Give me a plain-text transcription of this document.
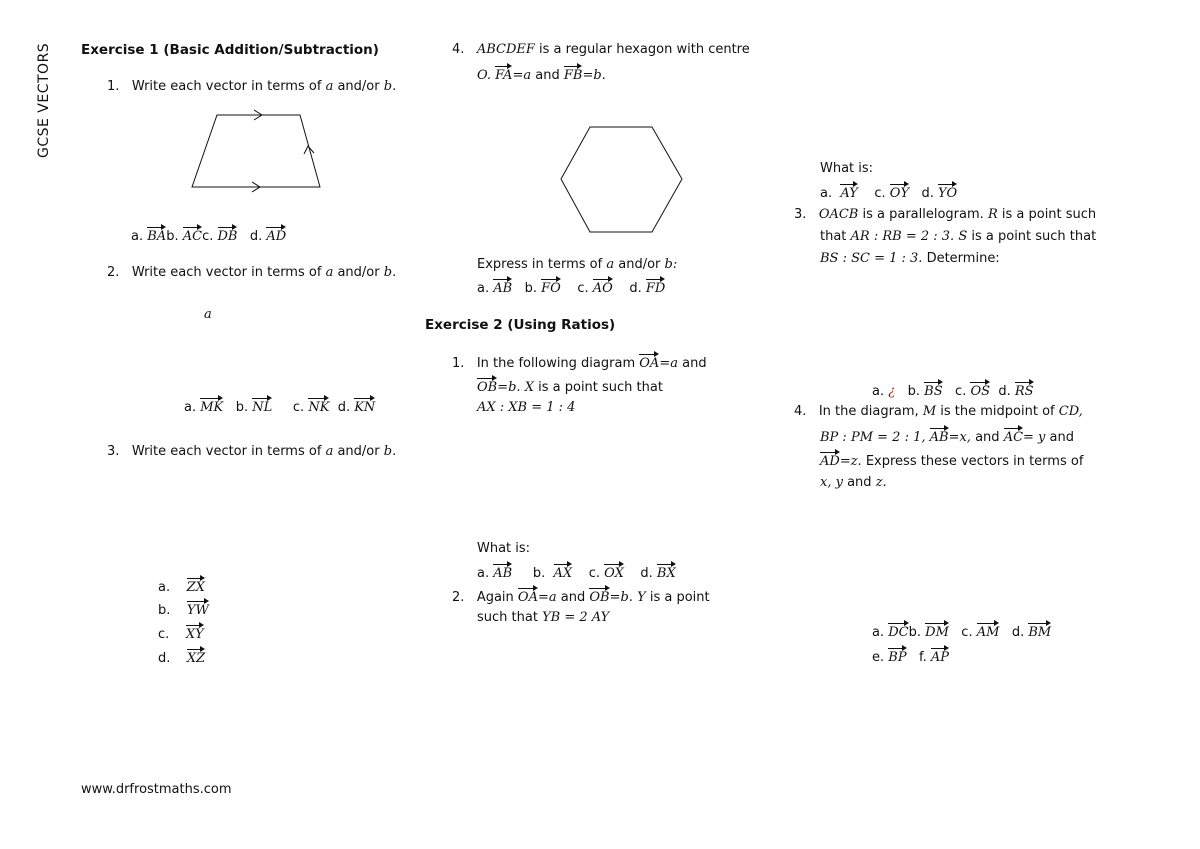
GCSE VECTORS Exercise 1 (Basic Addition/Subtraction)
1. Write each vector in terms of a and/or b.
a. BAb. ACc. DB d. AD
2. Write each vector in terms of a and/or b.
a
a. MK b. NL c. NK d. KN
3. Write each vector in terms of a and/or b.
a. ZX
b. YW
c. XY
d. XZ
www.drfrostmaths.com
4. ABCDEF is a regular hexagon with centre
O. FA=a and FB=b.
Express in terms of a and/or b:
a. AB b. FO c. AO d. FD
Exercise 2 (Using Ratios)
1. In the following diagram OA=a and
OB=b. X is a point such that
AX : XB = 1 : 4
What is:
a. AB b. AX c. OX d. BX
2. Again OA=a and OB=b. Y is a point
such that YB = 2 AY
What is:
a. AY c. OY d. YO
3. OACB is a parallelogram. R is a point such
that AR : RB = 2 : 3. S is a point such that
BS : SC = 1 : 3. Determine:
a. ¿ b. BS c. OS d. RS
4. In the diagram, M is the midpoint of CD,
BP : PM = 2 : 1, AB=x, and AC= y and
AD=z. Express these vectors in terms of
x, y and z.
a. DCb. DM c. AM d. BM
e. BP f. AP
